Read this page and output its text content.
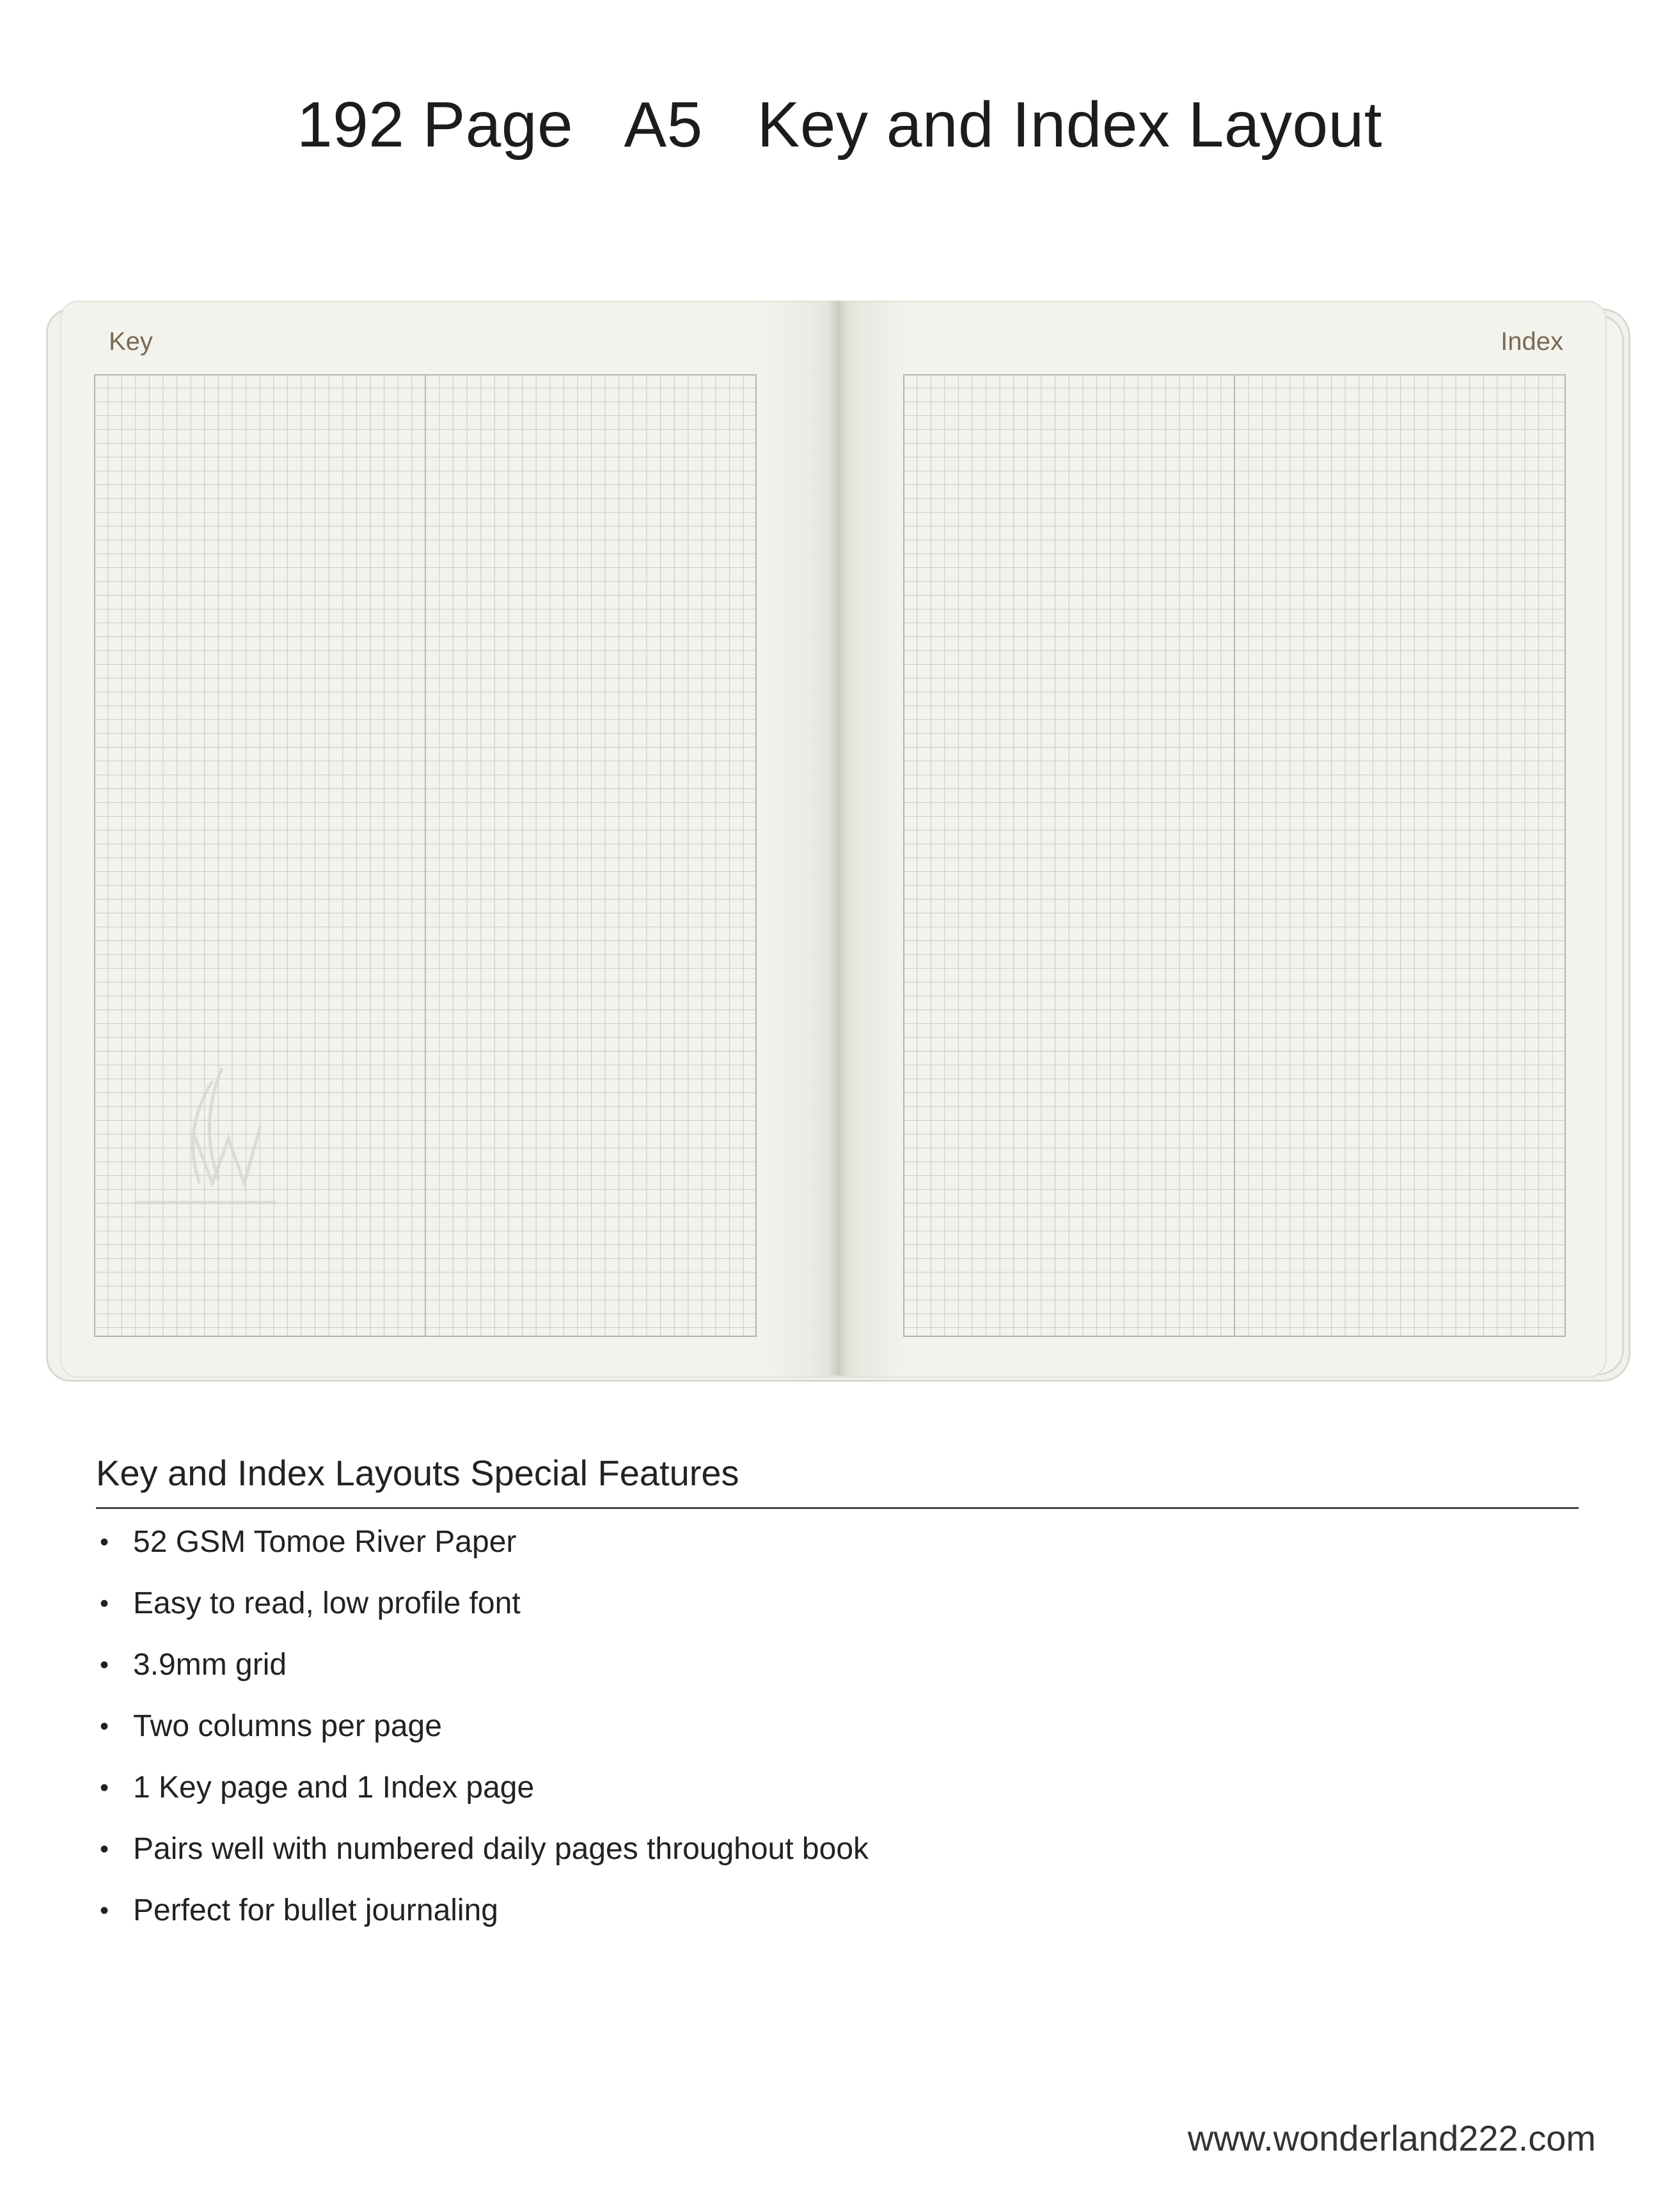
192 Page   A5   Key and Index Layout
Key	Index
Key and Index Layouts Special Features
• 52 GSM Tomoe River Paper
• Easy to read, low profile font
• 3.9mm grid
• Two columns per page
• 1 Key page and 1 Index page
• Pairs well with numbered daily pages throughout book
• Perfect for bullet journaling
www.wonderland222.com
